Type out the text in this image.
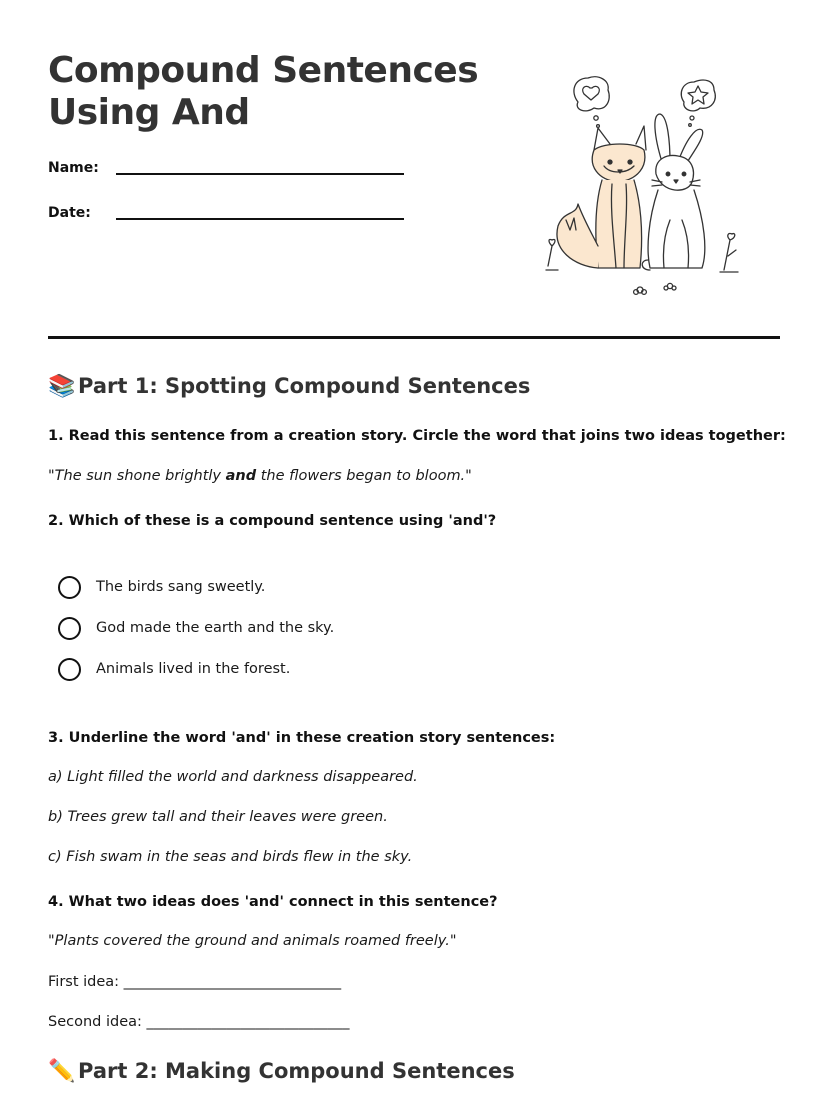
Compound Sentences
Using And
Name:
Date:
📚 Part 1: Spotting Compound Sentences

1. Read this sentence from a creation story. Circle the word that joins two ideas together:

"The sun shone brightly and the flowers began to bloom."

2. Which of these is a compound sentence using 'and'?

The birds sang sweetly.
God made the earth and the sky.
Animals lived in the forest.

3. Underline the word 'and' in these creation story sentences:

a) Light filled the world and darkness disappeared.

b) Trees grew tall and their leaves were green.

c) Fish swam in the seas and birds flew in the sky.

4. What two ideas does 'and' connect in this sentence?

"Plants covered the ground and animals roamed freely."

First idea: ______________________________

Second idea: ____________________________

✏️ Part 2: Making Compound Sentences
